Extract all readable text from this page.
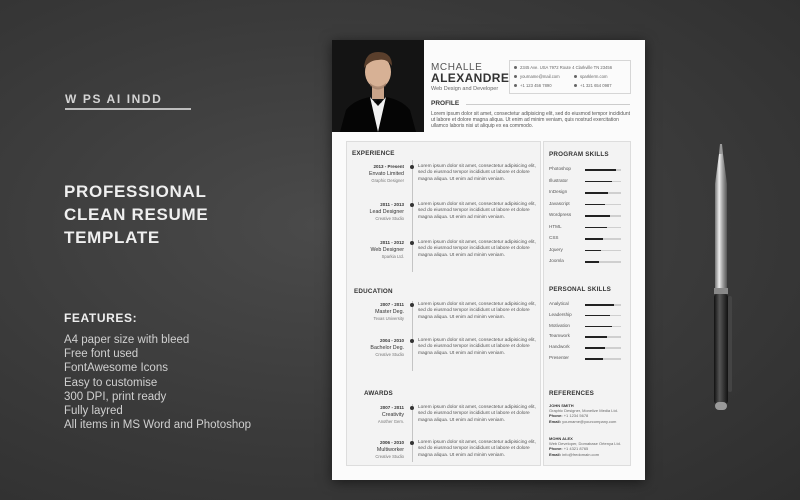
W PS AI INDD
PROFESSIONAL
CLEAN RESUME
TEMPLATE
FEATURES:
A4 paper size with bleed
Free font used
FontAwesome Icons
Easy to customise
300 DPI, print ready
Fully layred
All items in MS Word and Photoshop
MCHALLE
ALEXANDRE
Web Design and Developer
2345 Ave. USA 7972 Route 4 Clarkville TN 23456
yourname@mail.com	sparklerm.com
+1 123 456 7890	+1 321 654 0987
PROFILE
Lorem ipsum dolor sit amet, consectetur adipisicing elit, sed do eiusmod tempor incididunt ut labore et dolore magna aliqua. Ut enim ad minim veniam, quis nostrud exercitation ullamco laboris nisi ut aliquip ex ea commodo.
EXPERIENCE
2013 - Present
Envato Limited
Graphic Designer
Lorem ipsum dolor sit amet, consectetur adipisicing elit, sed do eiusmod tempor incididunt ut labore et dolore magna aliqua. Ut enim ad minim veniam.
2011 - 2013
Lead Designer
Creative Studio
Lorem ipsum dolor sit amet, consectetur adipisicing elit, sed do eiusmod tempor incididunt ut labore et dolore magna aliqua. Ut enim ad minim veniam.
2011 - 2012
Web Designer
Sparkia Ltd.
Lorem ipsum dolor sit amet, consectetur adipisicing elit, sed do eiusmod tempor incididunt ut labore et dolore magna aliqua. Ut enim ad minim veniam.
EDUCATION
2007 - 2011
Master Deg.
Texas University
Lorem ipsum dolor sit amet, consectetur adipisicing elit, sed do eiusmod tempor incididunt ut labore et dolore magna aliqua. Ut enim ad minim veniam.
2004 - 2010
Bachelor Deg.
Creative Studio
Lorem ipsum dolor sit amet, consectetur adipisicing elit, sed do eiusmod tempor incididunt ut labore et dolore magna aliqua. Ut enim ad minim veniam.
AWARDS
2007 - 2011
Creativity
Another Gem.
Lorem ipsum dolor sit amet, consectetur adipisicing elit, sed do eiusmod tempor incididunt ut labore et dolore magna aliqua. Ut enim ad minim veniam.
2006 - 2010
Multiworker
Creative Studio
Lorem ipsum dolor sit amet, consectetur adipisicing elit, sed do eiusmod tempor incididunt ut labore et dolore magna aliqua. Ut enim ad minim veniam.
PROGRAM SKILLS
Photoshop
Illustrator
InDesign
Javascript
Wordpress
HTML
CSS
Jquery
Joomla
PERSONAL SKILLS
Analytical
Leadership
Motivation
Teamwork
Handwork
Presenter
REFERENCES
JOHN SMITH
Graphic Designer, Monelize Media Ltd.
Phone: +1 1234 5678
Email: yourname@yourcompany.com
MOHN ALEX
Web Developer, Domabase Ortenya Ltd.
Phone: +1 4321 8765
Email: info@fredomain.com
